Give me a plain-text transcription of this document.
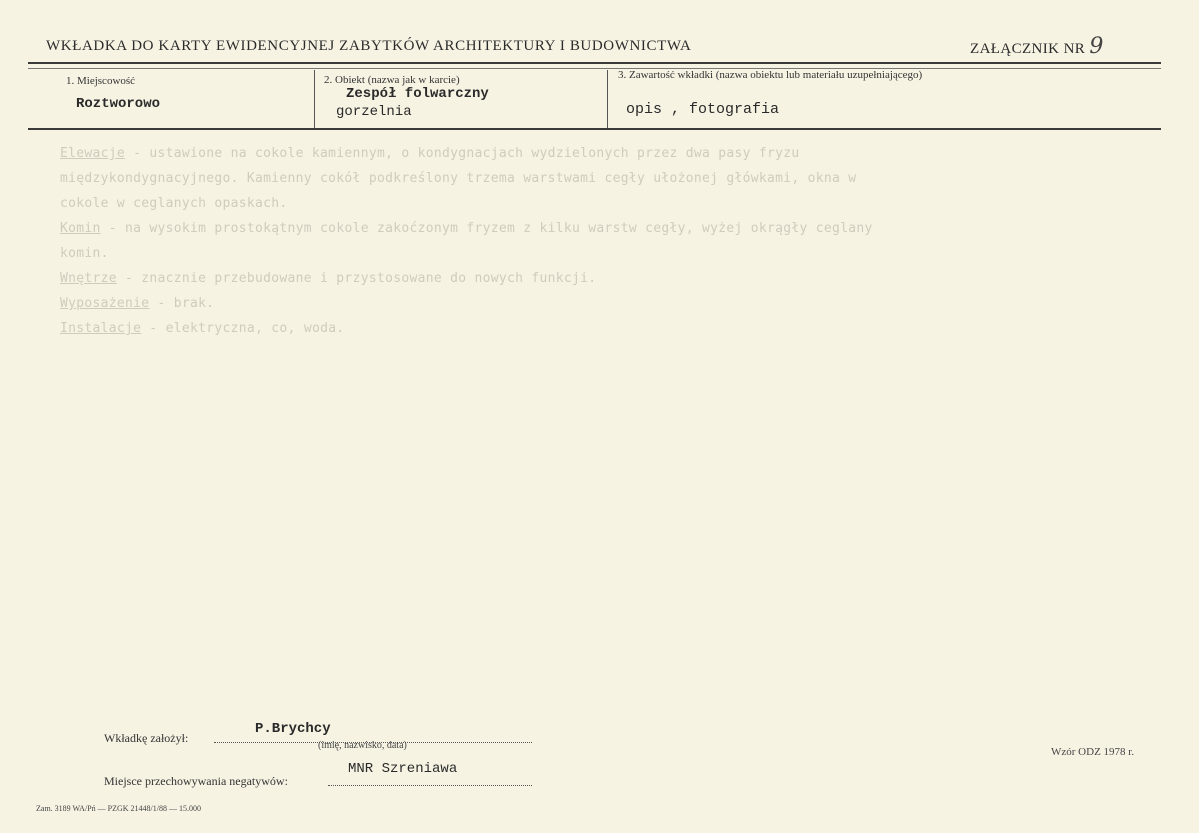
WKŁADKA DO KARTY EWIDENCYJNEJ ZABYTKÓW ARCHITEKTURY I BUDOWNICTWA	ZAŁĄCZNIK NR 9
1. Miejscowość
Roztworowo
2. Obiekt (nazwa jak w karcie)
Zespół folwarczny
gorzelnia
3. Zawartość wkładki (nazwa obiektu lub materiału uzupełniającego)
opis , fotografia
Elewacje - ustawione na cokole kamiennym, o kondygnacjach wydzielonych przez dwa pasy fryzu
międzykondygnacyjnego. Kamienny cokół podkreślony trzema warstwami cegły ułożonej główkami, okna w
cokole w ceglanych opaskach.
Komin - na wysokim prostokątnym cokole zakoćzonym fryzem z kilku warstw cegły, wyżej okrągły ceglany
komin.
Wnętrze - znacznie przebudowane i przystosowane do nowych funkcji.
Wyposażenie - brak.
Instalacje - elektryczna, co, woda.
Wkładkę założył:
P.Brychcy
(imię, nazwisko, data)
Miejsce przechowywania negatywów:
MNR Szreniawa
Wzór ODZ 1978 r.
Zam. 3189 WA/Pń — PZGK 21448/1/88 — 15.000
